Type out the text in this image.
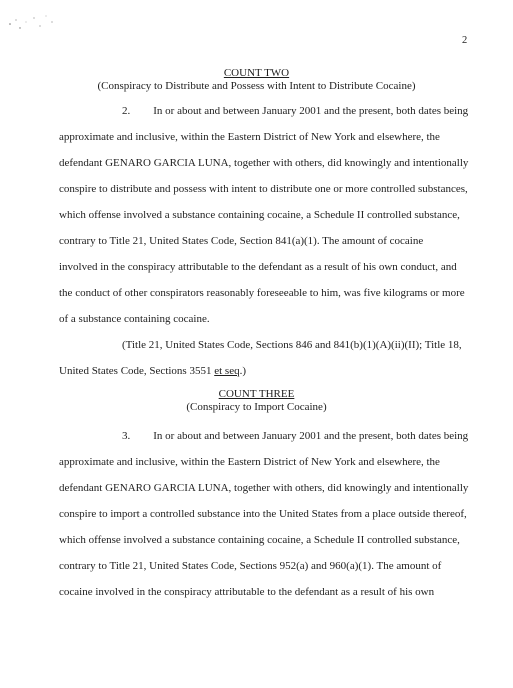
2
COUNT TWO
(Conspiracy to Distribute and Possess with Intent to Distribute Cocaine)
2. In or about and between January 2001 and the present, both dates being
approximate and inclusive, within the Eastern District of New York and elsewhere, the
defendant GENARO GARCIA LUNA, together with others, did knowingly and intentionally
conspire to distribute and possess with intent to distribute one or more controlled substances,
which offense involved a substance containing cocaine, a Schedule II controlled substance,
contrary to Title 21, United States Code, Section 841(a)(1). The amount of cocaine
involved in the conspiracy attributable to the defendant as a result of his own conduct, and
the conduct of other conspirators reasonably foreseeable to him, was five kilograms or more
of a substance containing cocaine.
(Title 21, United States Code, Sections 846 and 841(b)(1)(A)(ii)(II); Title 18,
United States Code, Sections 3551 et seq.)
COUNT THREE
(Conspiracy to Import Cocaine)
3. In or about and between January 2001 and the present, both dates being
approximate and inclusive, within the Eastern District of New York and elsewhere, the
defendant GENARO GARCIA LUNA, together with others, did knowingly and intentionally
conspire to import a controlled substance into the United States from a place outside thereof,
which offense involved a substance containing cocaine, a Schedule II controlled substance,
contrary to Title 21, United States Code, Sections 952(a) and 960(a)(1). The amount of
cocaine involved in the conspiracy attributable to the defendant as a result of his own
